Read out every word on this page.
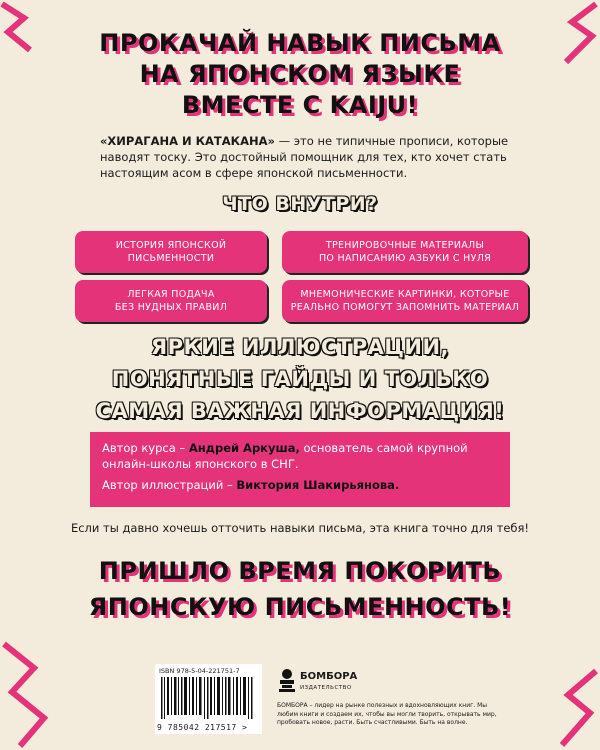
ПРОКАЧАЙ НАВЫК ПИСЬМА

НА ЯПОНСКОМ ЯЗЫКЕ

ВМЕСТЕ С KAIJU!

«ХИРАГАНА И КАТАКАНА» — это не типичные прописи, которые наводят тоску. Это достойный помощник для тех, кто хочет стать настоящим асом в сфере японской письменности.

ЧТО ВНУТРИ?

ИСТОРИЯ ЯПОНСКОЙ
ПИСЬМЕННОСТИ
ТРЕНИРОВОЧНЫЕ МАТЕРИАЛЫ
ПО НАПИСАНИЮ АЗБУКИ С НУЛЯ
ЛЕГКАЯ ПОДАЧА
БЕЗ НУДНЫХ ПРАВИЛ
МНЕМОНИЧЕСКИЕ КАРТИНКИ, КОТОРЫЕ
РЕАЛЬНО ПОМОГУТ ЗАПОМНИТЬ МАТЕРИАЛ

ЯРКИЕ ИЛЛЮСТРАЦИИ,

ПОНЯТНЫЕ ГАЙДЫ И ТОЛЬКО

САМАЯ ВАЖНАЯ ИНФОРМАЦИЯ!

Автор курса – Андрей Аркуша, основатель самой крупной онлайн-школы японского в СНГ.

Автор иллюстраций – Виктория Шакирьянова.

Если ты давно хочешь отточить навыки письма, эта книга точно для тебя!

ПРИШЛО ВРЕМЯ ПОКОРИТЬ

ЯПОНСКУЮ ПИСЬМЕННОСТЬ!

ISBN 978-5-04-221751-7
9 785042 217517 >
БОМБОРА
ИЗДАТЕЛЬСТВО

БОМБОРА – лидер на рынке полезных и вдохновляющих книг. Мы любим книги и создаем их, чтобы вы могли творить, открывать мир, пробовать новое, расти. Быть счастливыми. Быть на волне.
